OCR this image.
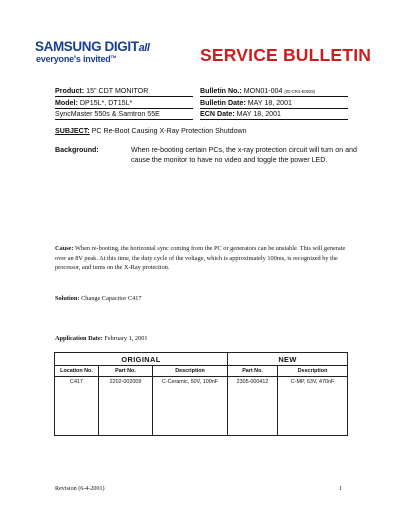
SAMSUNG DIGITall
everyone's invited™	SERVICE BULLETIN
Product: 15" CDT MONITOR
Model: DP15L*, DT15L*
SyncMaster 550s & Samtron 55E
Bulletin No.: MON01-004 (00-CR4-E0029)
Bulletin Date: MAY 18, 2001
ECN Date: MAY 18, 2001
SUBJECT: PC Re-Boot Causing X-Ray Protection Shutdown
Background:	When re-booting certain PCs, the x-ray protection circuit will turn on and cause the monitor to have no video and toggle the power LED.
Cause: When re-booting, the horizontal sync coming from the PC or generators can be unstable. This will generate over an 8V peak. At this time, the duty cycle of the voltage, which is approximately 100ms, is recognized by the processor, and turns on the X-Ray protection.
Solution: Change Capacitor C417
Application Date: February 1, 2001
ORIGINAL			NEW	
Location No.	Part No.	Description	Part No.	Description
C417	2202-002009	C-Ceramic, 50V, 100nF	2305-000412	C-MP, 63V, 470nF
Revision (6-4-2001)	1
